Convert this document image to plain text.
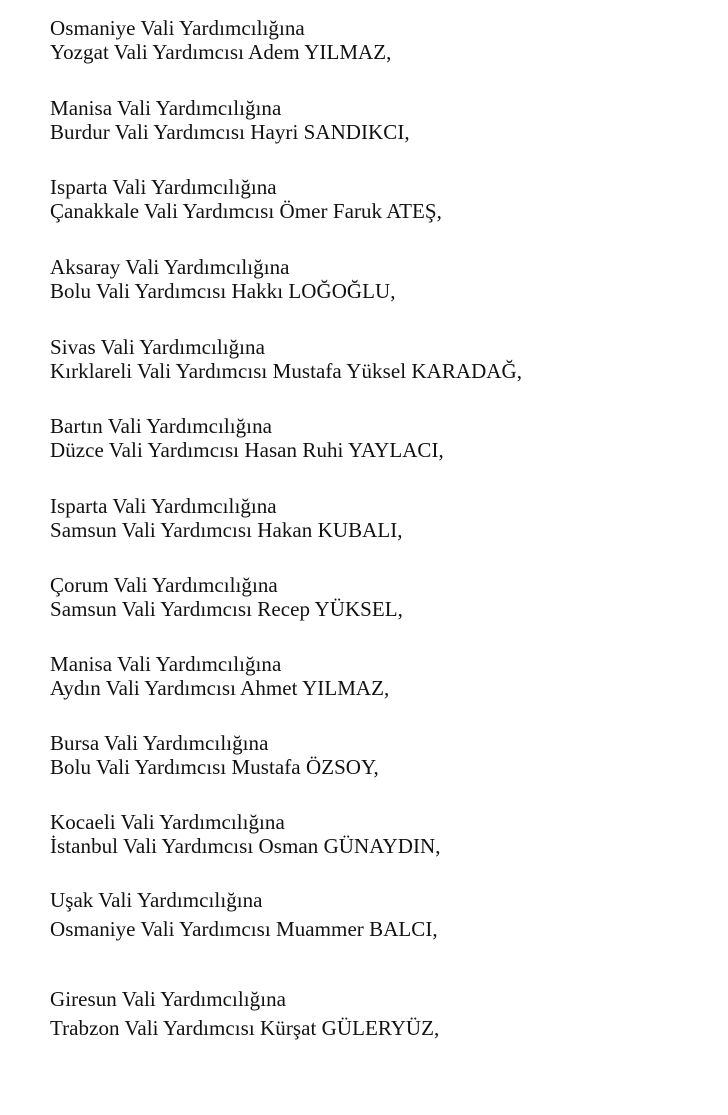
Osmaniye Vali Yardımcılığına
Yozgat Vali Yardımcısı Adem YILMAZ,
Manisa Vali Yardımcılığına
Burdur Vali Yardımcısı Hayri SANDIKCI,
Isparta Vali Yardımcılığına
Çanakkale Vali Yardımcısı Ömer Faruk ATEŞ,
Aksaray Vali Yardımcılığına
Bolu Vali Yardımcısı Hakkı LOĞOĞLU,
Sivas Vali Yardımcılığına
Kırklareli Vali Yardımcısı Mustafa Yüksel KARADAĞ,
Bartın Vali Yardımcılığına
Düzce Vali Yardımcısı Hasan Ruhi YAYLACI,
Isparta Vali Yardımcılığına
Samsun Vali Yardımcısı Hakan KUBALI,
Çorum Vali Yardımcılığına
Samsun Vali Yardımcısı Recep YÜKSEL,
Manisa Vali Yardımcılığına
Aydın Vali Yardımcısı Ahmet YILMAZ,
Bursa Vali Yardımcılığına
Bolu Vali Yardımcısı Mustafa ÖZSOY,
Kocaeli Vali Yardımcılığına
İstanbul Vali Yardımcısı Osman GÜNAYDIN,
Uşak Vali Yardımcılığına
Osmaniye Vali Yardımcısı Muammer BALCI,
Giresun Vali Yardımcılığına
Trabzon Vali Yardımcısı Kürşat GÜLERYÜZ,
